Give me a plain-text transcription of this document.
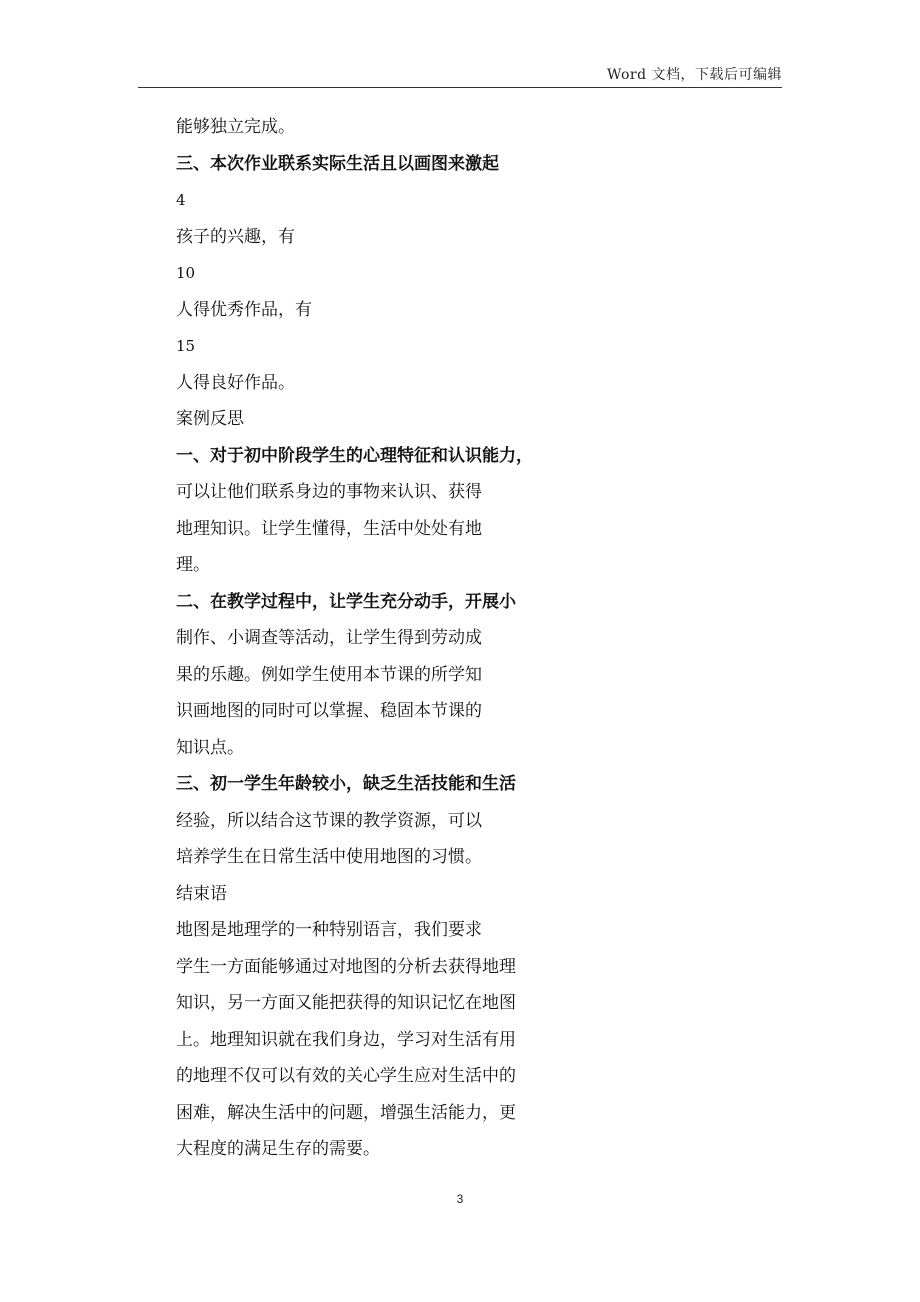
Word 文档，下载后可编辑
能够独立完成。
三、本次作业联系实际生活且以画图来激起
4
孩子的兴趣，有
10
人得优秀作品，有
15
人得良好作品。
案例反思
一、对于初中阶段学生的心理特征和认识能力，
可以让他们联系身边的事物来认识、获得
地理知识。让学生懂得，生活中处处有地
理。
二、在教学过程中，让学生充分动手，开展小
制作、小调查等活动，让学生得到劳动成
果的乐趣。例如学生使用本节课的所学知
识画地图的同时可以掌握、稳固本节课的
知识点。
三、初一学生年龄较小，缺乏生活技能和生活
经验，所以结合这节课的教学资源，可以
培养学生在日常生活中使用地图的习惯。
结束语
地图是地理学的一种特别语言，我们要求
学生一方面能够通过对地图的分析去获得地理
知识，另一方面又能把获得的知识记忆在地图
上。地理知识就在我们身边，学习对生活有用
的地理不仅可以有效的关心学生应对生活中的
困难，解决生活中的问题，增强生活能力，更
大程度的满足生存的需要。
3
